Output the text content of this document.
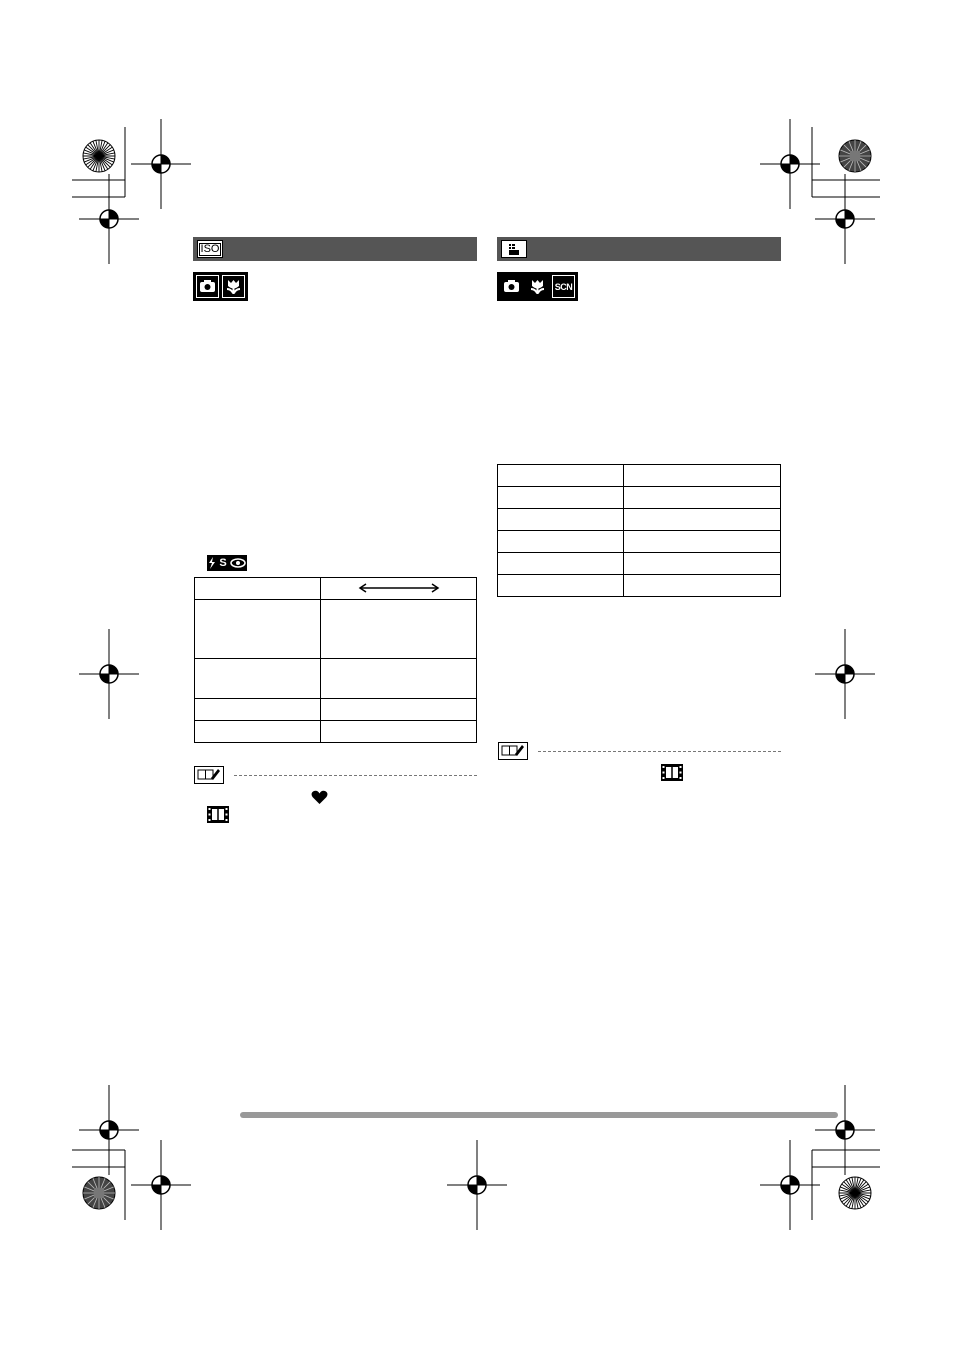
ISO
S

SCN
